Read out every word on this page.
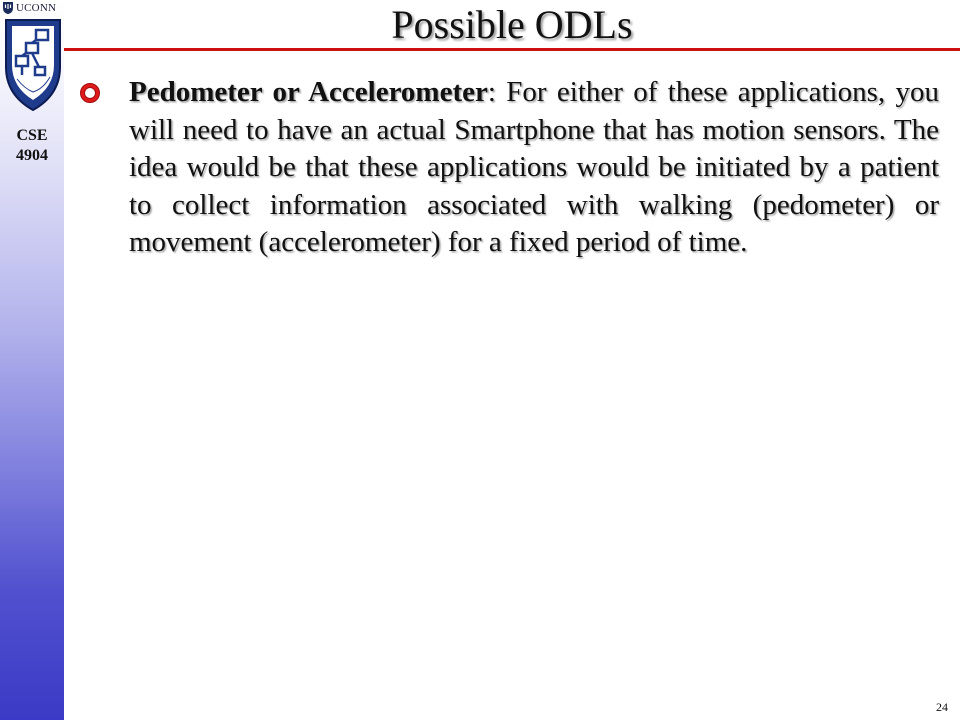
UCONN
CSE
4904
Possible ODLs

Pedometer or Accelerometer: For either of these applications, you will need to have an actual Smartphone that has motion sensors. The idea would be that these applications would be initiated by a patient to collect information associated with walking (pedometer) or movement (accelerometer) for a fixed period of time.

24
